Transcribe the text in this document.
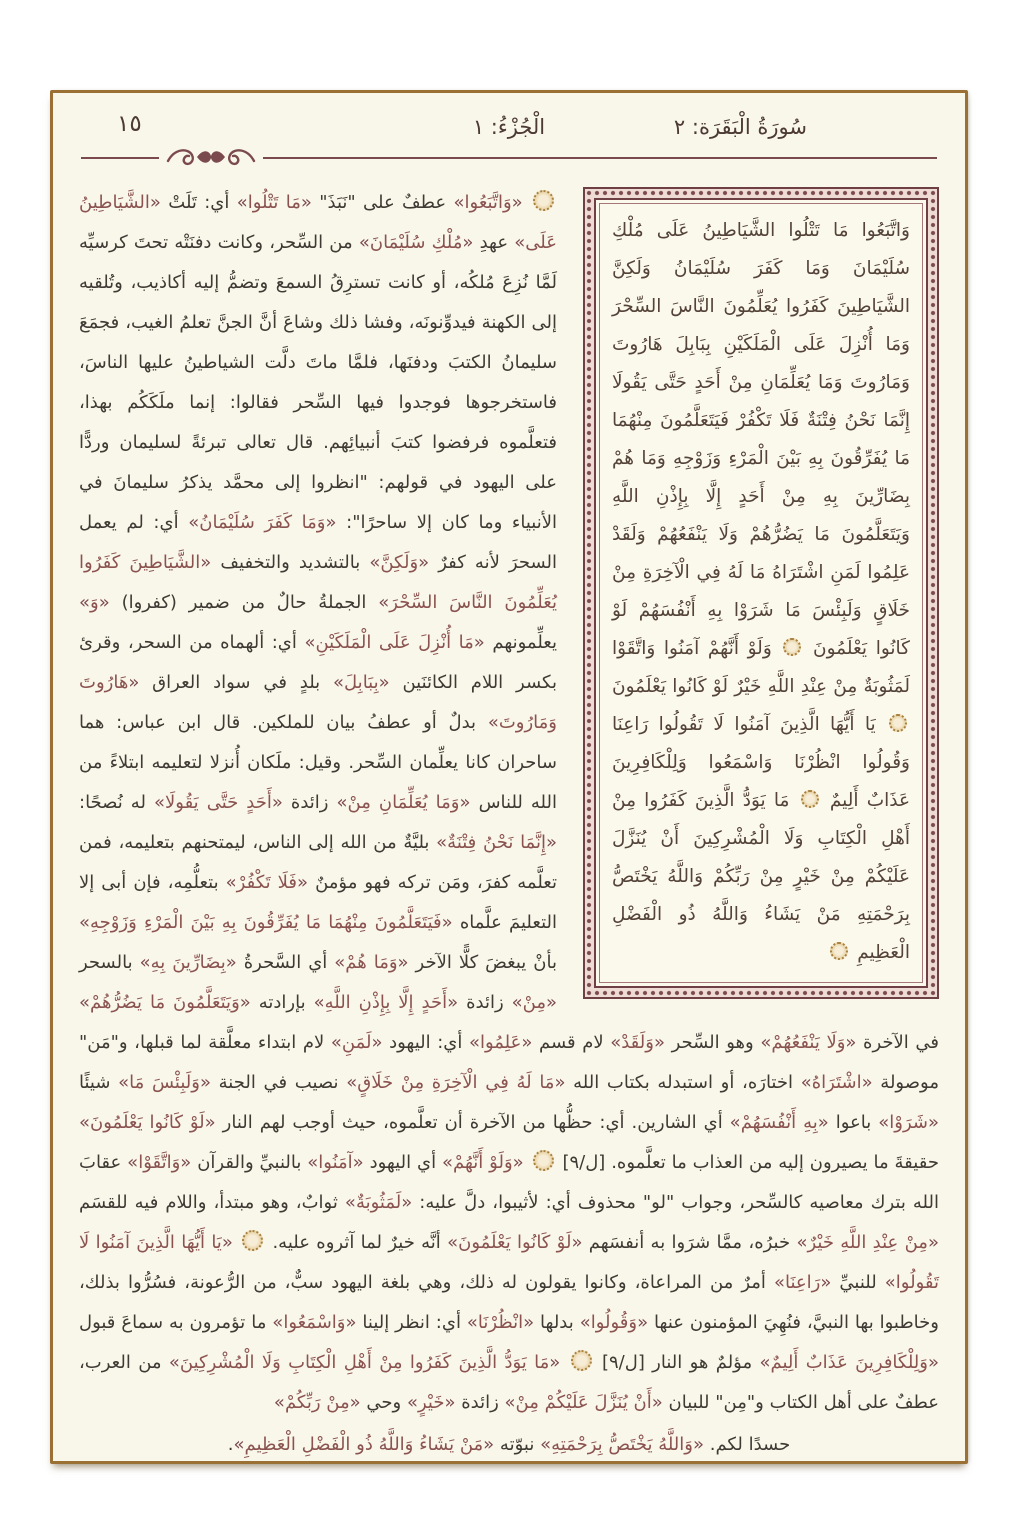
سُورَةُ الْبَقَرَة: ٢
الْجُزْءُ: ١
١٥
وَاتَّبَعُوا مَا تَتْلُوا الشَّيَاطِينُ عَلَى مُلْكِ سُلَيْمَانَ وَمَا كَفَرَ سُلَيْمَانُ وَلَكِنَّ الشَّيَاطِينَ كَفَرُوا يُعَلِّمُونَ النَّاسَ السِّحْرَ وَمَا أُنْزِلَ عَلَى الْمَلَكَيْنِ بِبَابِلَ هَارُوتَ وَمَارُوتَ وَمَا يُعَلِّمَانِ مِنْ أَحَدٍ حَتَّى يَقُولَا إِنَّمَا نَحْنُ فِتْنَةٌ فَلَا تَكْفُرْ فَيَتَعَلَّمُونَ مِنْهُمَا مَا يُفَرِّقُونَ بِهِ بَيْنَ الْمَرْءِ وَزَوْجِهِ وَمَا هُمْ بِضَارِّينَ بِهِ مِنْ أَحَدٍ إِلَّا بِإِذْنِ اللَّهِ وَيَتَعَلَّمُونَ مَا يَضُرُّهُمْ وَلَا يَنْفَعُهُمْ وَلَقَدْ عَلِمُوا لَمَنِ اشْتَرَاهُ مَا لَهُ فِي الْآخِرَةِ مِنْ خَلَاقٍ وَلَبِئْسَ مَا شَرَوْا بِهِ أَنْفُسَهُمْ لَوْ كَانُوا يَعْلَمُونَ  وَلَوْ أَنَّهُمْ آمَنُوا وَاتَّقَوْا لَمَثُوبَةٌ مِنْ عِنْدِ اللَّهِ خَيْرٌ لَوْ كَانُوا يَعْلَمُونَ  يَا أَيُّهَا الَّذِينَ آمَنُوا لَا تَقُولُوا رَاعِنَا وَقُولُوا انْظُرْنَا وَاسْمَعُوا وَلِلْكَافِرِينَ عَذَابٌ أَلِيمٌ  مَا يَوَدُّ الَّذِينَ كَفَرُوا مِنْ أَهْلِ الْكِتَابِ وَلَا الْمُشْرِكِينَ أَنْ يُنَزَّلَ عَلَيْكُمْ مِنْ خَيْرٍ مِنْ رَبِّكُمْ وَاللَّهُ يَخْتَصُّ بِرَحْمَتِهِ مَنْ يَشَاءُ وَاللَّهُ ذُو الْفَضْلِ الْعَظِيمِ
«وَاتَّبَعُوا» عطفٌ على "نَبَذَ" «مَا تَتْلُوا» أي: تَلَتْ «الشَّيَاطِينُ عَلَى» عهدِ «مُلْكِ سُلَيْمَانَ» من السِّحر، وكانت دفنَتْه تحتَ كرسيِّه لَمَّا نُزِعَ مُلكُه، أو كانت تسترِقُ السمعَ وتضمُّ إليه أكاذيب، وتُلقيه إلى الكهنة فيدوِّنونَه، وفشا ذلك وشاعَ أنَّ الجنَّ تعلمُ الغيب، فجمَعَ سليمانُ الكتبَ ودفنَها، فلمَّا ماتَ دلَّت الشياطينُ عليها الناسَ، فاستخرجوها فوجدوا فيها السِّحر فقالوا: إنما ملَكَكُم بهذا، فتعلَّموه فرفضوا كتبَ أنبيائِهم. قال تعالى تبرئةً لسليمان وردًّا على اليهود في قولهم: "انظروا إلى محمَّد يذكرُ سليمانَ في الأنبياء وما كان إلا ساحرًا": «وَمَا كَفَرَ سُلَيْمَانُ» أي: لم يعمل السحرَ لأنه كفرٌ «وَلَكِنَّ» بالتشديد والتخفيف «الشَّيَاطِينَ كَفَرُوا يُعَلِّمُونَ النَّاسَ السِّحْرَ» الجملةُ حالٌ من ضمير (كفروا) «وَ» يعلِّمونهم «مَا أُنْزِلَ عَلَى الْمَلَكَيْنِ» أي: ألهماه من السحر، وقرئ بكسر اللام الكائنَين «بِبَابِلَ» بلدٍ في سواد العراق «هَارُوتَ وَمَارُوتَ» بدلٌ أو عطفُ بيان للملكين. قال ابن عباس: هما ساحران كانا يعلِّمان السِّحر. وقيل: ملَكان أُنزلا لتعليمه ابتلاءً من الله للناس «وَمَا يُعَلِّمَانِ مِنْ» زائدة «أَحَدٍ حَتَّى يَقُولَا» له نُصحًا: «إِنَّمَا نَحْنُ فِتْنَةٌ» بليَّةٌ من الله إلى الناس، ليمتحنهم بتعليمه، فمن تعلَّمه كفرَ، ومَن تركه فهو مؤمنٌ «فَلَا تَكْفُرْ» بتعلُّمِه، فإن أبى إلا التعليمَ علَّماه «فَيَتَعَلَّمُونَ مِنْهُمَا مَا يُفَرِّقُونَ بِهِ بَيْنَ الْمَرْءِ وَزَوْجِهِ» بأنْ يبغضَ كلًّا الآخر «وَمَا هُمْ» أي السَّحرةُ «بِضَارِّينَ بِهِ» بالسحر «مِنْ» زائدة «أَحَدٍ إِلَّا بِإِذْنِ اللَّهِ» بإرادته «وَيَتَعَلَّمُونَ مَا يَضُرُّهُمْ» في الآخرة «وَلَا يَنْفَعُهُمْ» وهو السِّحر «وَلَقَدْ» لام قسم «عَلِمُوا» أي: اليهود «لَمَنِ» لام ابتداء معلَّقة لما قبلها، و"مَن" موصولة «اشْتَرَاهُ» اختارَه، أو استبدله بكتاب الله «مَا لَهُ فِي الْآخِرَةِ مِنْ خَلَاقٍ» نصيب في الجنة «وَلَبِئْسَ مَا» شيئًا «شَرَوْا» باعوا «بِهِ أَنْفُسَهُمْ» أي الشارين. أي: حظُّها من الآخرة أن تعلَّموه، حيث أوجب لهم النار «لَوْ كَانُوا يَعْلَمُونَ» حقيقةَ ما يصيرون إليه من العذاب ما تعلَّموه. [ل/٩]  «وَلَوْ أَنَّهُمْ» أي اليهود «آمَنُوا» بالنبيِّ والقرآن «وَاتَّقَوْا» عقابَ الله بترك معاصيه كالسِّحر، وجواب "لو" محذوف أي: لأثيبوا، دلَّ عليه: «لَمَثُوبَةٌ» ثوابٌ، وهو مبتدأ، واللام فيه للقسَم «مِنْ عِنْدِ اللَّهِ خَيْرٌ» خبرُه، ممَّا شرَوا به أنفسَهم «لَوْ كَانُوا يَعْلَمُونَ» أنَّه خيرٌ لما آثروه عليه.  «يَا أَيُّهَا الَّذِينَ آمَنُوا لَا تَقُولُوا» للنبيِّ «رَاعِنَا» أمرٌ من المراعاة، وكانوا يقولون له ذلك، وهي بلغة اليهود سبٌّ، من الرُّعونة، فسُرُّوا بذلك، وخاطبوا بها النبيَّ، فنُهِيَ المؤمنون عنها «وَقُولُوا» بدلها «انْظُرْنَا» أي: انظر إلينا «وَاسْمَعُوا» ما تؤمرون به سماعَ قبول «وَلِلْكَافِرِينَ عَذَابٌ أَلِيمٌ» مؤلمٌ هو النار [ل/٩]  «مَا يَوَدُّ الَّذِينَ كَفَرُوا مِنْ أَهْلِ الْكِتَابِ وَلَا الْمُشْرِكِينَ» من العرب، عطفٌ على أهل الكتاب و"مِن" للبيان «أَنْ يُنَزَّلَ عَلَيْكُمْ مِنْ» زائدة «خَيْرٍ» وحي «مِنْ رَبِّكُمْ»
حسدًا لكم. «وَاللَّهُ يَخْتَصُّ بِرَحْمَتِهِ» نبوّته «مَنْ يَشَاءُ وَاللَّهُ ذُو الْفَضْلِ الْعَظِيمِ».
